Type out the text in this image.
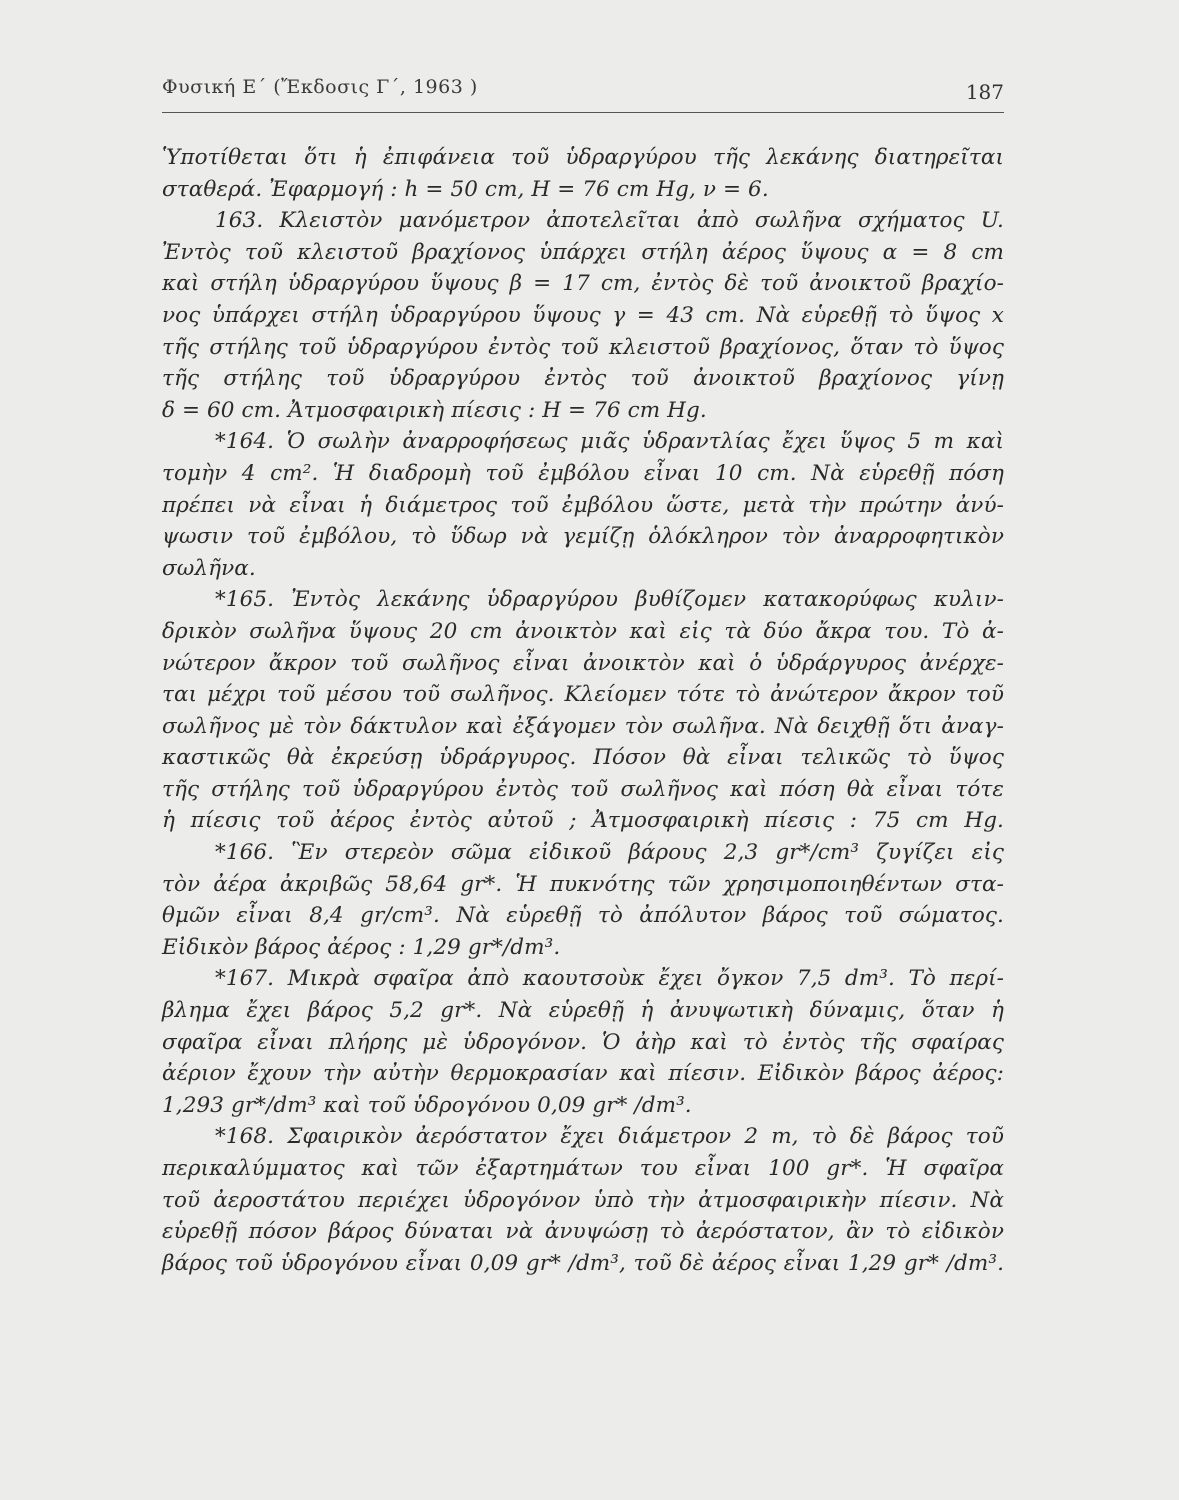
Φυσική Ε΄ (Ἔκδοσις Γ΄, 1963 )	187
Ὑποτίθεται ὅτι ἡ ἐπιφάνεια τοῦ ὑδραργύρου τῆς λεκάνης διατηρεῖται
σταθερά. Ἐφαρμογή : h = 50 cm, H = 76 cm Hg, ν = 6.
163. Κλειστὸν μανόμετρον ἀποτελεῖται ἀπὸ σωλῆνα σχήματος U.
Ἐντὸς τοῦ κλειστοῦ βραχίονος ὑπάρχει στήλη ἀέρος ὕψους α = 8 cm
καὶ στήλη ὑδραργύρου ὕψους β = 17 cm, ἐντὸς δὲ τοῦ ἀνοικτοῦ βραχίο-
νος ὑπάρχει στήλη ὑδραργύρου ὕψους γ = 43 cm. Νὰ εὑρεθῇ τὸ ὕψος x
τῆς στήλης τοῦ ὑδραργύρου ἐντὸς τοῦ κλειστοῦ βραχίονος, ὅταν τὸ ὕψος
τῆς στήλης τοῦ ὑδραργύρου ἐντὸς τοῦ ἀνοικτοῦ βραχίονος γίνῃ
δ = 60 cm. Ἀτμοσφαιρικὴ πίεσις : H = 76 cm Hg.
*164. Ὁ σωλὴν ἀναρροφήσεως μιᾶς ὑδραντλίας ἔχει ὕψος 5 m καὶ
τομὴν 4 cm². Ἡ διαδρομὴ τοῦ ἐμβόλου εἶναι 10 cm. Νὰ εὑρεθῇ πόση
πρέπει νὰ εἶναι ἡ διάμετρος τοῦ ἐμβόλου ὥστε, μετὰ τὴν πρώτην ἀνύ-
ψωσιν τοῦ ἐμβόλου, τὸ ὕδωρ νὰ γεμίζῃ ὁλόκληρον τὸν ἀναρροφητικὸν
σωλῆνα.
*165. Ἐντὸς λεκάνης ὑδραργύρου βυθίζομεν κατακορύφως κυλιν-
δρικὸν σωλῆνα ὕψους 20 cm ἀνοικτὸν καὶ εἰς τὰ δύο ἄκρα του. Τὸ ἀ-
νώτερον ἄκρον τοῦ σωλῆνος εἶναι ἀνοικτὸν καὶ ὁ ὑδράργυρος ἀνέρχε-
ται μέχρι τοῦ μέσου τοῦ σωλῆνος. Κλείομεν τότε τὸ ἀνώτερον ἄκρον τοῦ
σωλῆνος μὲ τὸν δάκτυλον καὶ ἐξάγομεν τὸν σωλῆνα. Νὰ δειχθῇ ὅτι ἀναγ-
καστικῶς θὰ ἐκρεύσῃ ὑδράργυρος. Πόσον θὰ εἶναι τελικῶς τὸ ὕψος
τῆς στήλης τοῦ ὑδραργύρου ἐντὸς τοῦ σωλῆνος καὶ πόση θὰ εἶναι τότε
ἡ πίεσις τοῦ ἀέρος ἐντὸς αὐτοῦ ; Ἀτμοσφαιρικὴ πίεσις : 75 cm Hg.
*166. Ἓν στερεὸν σῶμα εἰδικοῦ βάρους 2,3 gr*/cm³ ζυγίζει εἰς
τὸν ἀέρα ἀκριβῶς 58,64 gr*. Ἡ πυκνότης τῶν χρησιμοποιηθέντων στα-
θμῶν εἶναι 8,4 gr/cm³. Νὰ εὑρεθῇ τὸ ἀπόλυτον βάρος τοῦ σώματος.
Εἰδικὸν βάρος ἀέρος : 1,29 gr*/dm³.
*167. Μικρὰ σφαῖρα ἀπὸ καουτσοὺκ ἔχει ὄγκον 7,5 dm³. Τὸ περί-
βλημα ἔχει βάρος 5,2 gr*. Νὰ εὑρεθῇ ἡ ἀνυψωτικὴ δύναμις, ὅταν ἡ
σφαῖρα εἶναι πλήρης μὲ ὑδρογόνον. Ὁ ἀὴρ καὶ τὸ ἐντὸς τῆς σφαίρας
ἀέριον ἔχουν τὴν αὐτὴν θερμοκρασίαν καὶ πίεσιν. Εἰδικὸν βάρος ἀέρος:
1,293 gr*/dm³ καὶ τοῦ ὑδρογόνου 0,09 gr* /dm³.
*168. Σφαιρικὸν ἀερόστατον ἔχει διάμετρον 2 m, τὸ δὲ βάρος τοῦ
περικαλύμματος καὶ τῶν ἐξαρτημάτων του εἶναι 100 gr*. Ἡ σφαῖρα
τοῦ ἀεροστάτου περιέχει ὑδρογόνον ὑπὸ τὴν ἀτμοσφαιρικὴν πίεσιν. Νὰ
εὑρεθῇ πόσον βάρος δύναται νὰ ἀνυψώσῃ τὸ ἀερόστατον, ἂν τὸ εἰδικὸν
βάρος τοῦ ὑδρογόνου εἶναι 0,09 gr* /dm³, τοῦ δὲ ἀέρος εἶναι 1,29 gr* /dm³.
